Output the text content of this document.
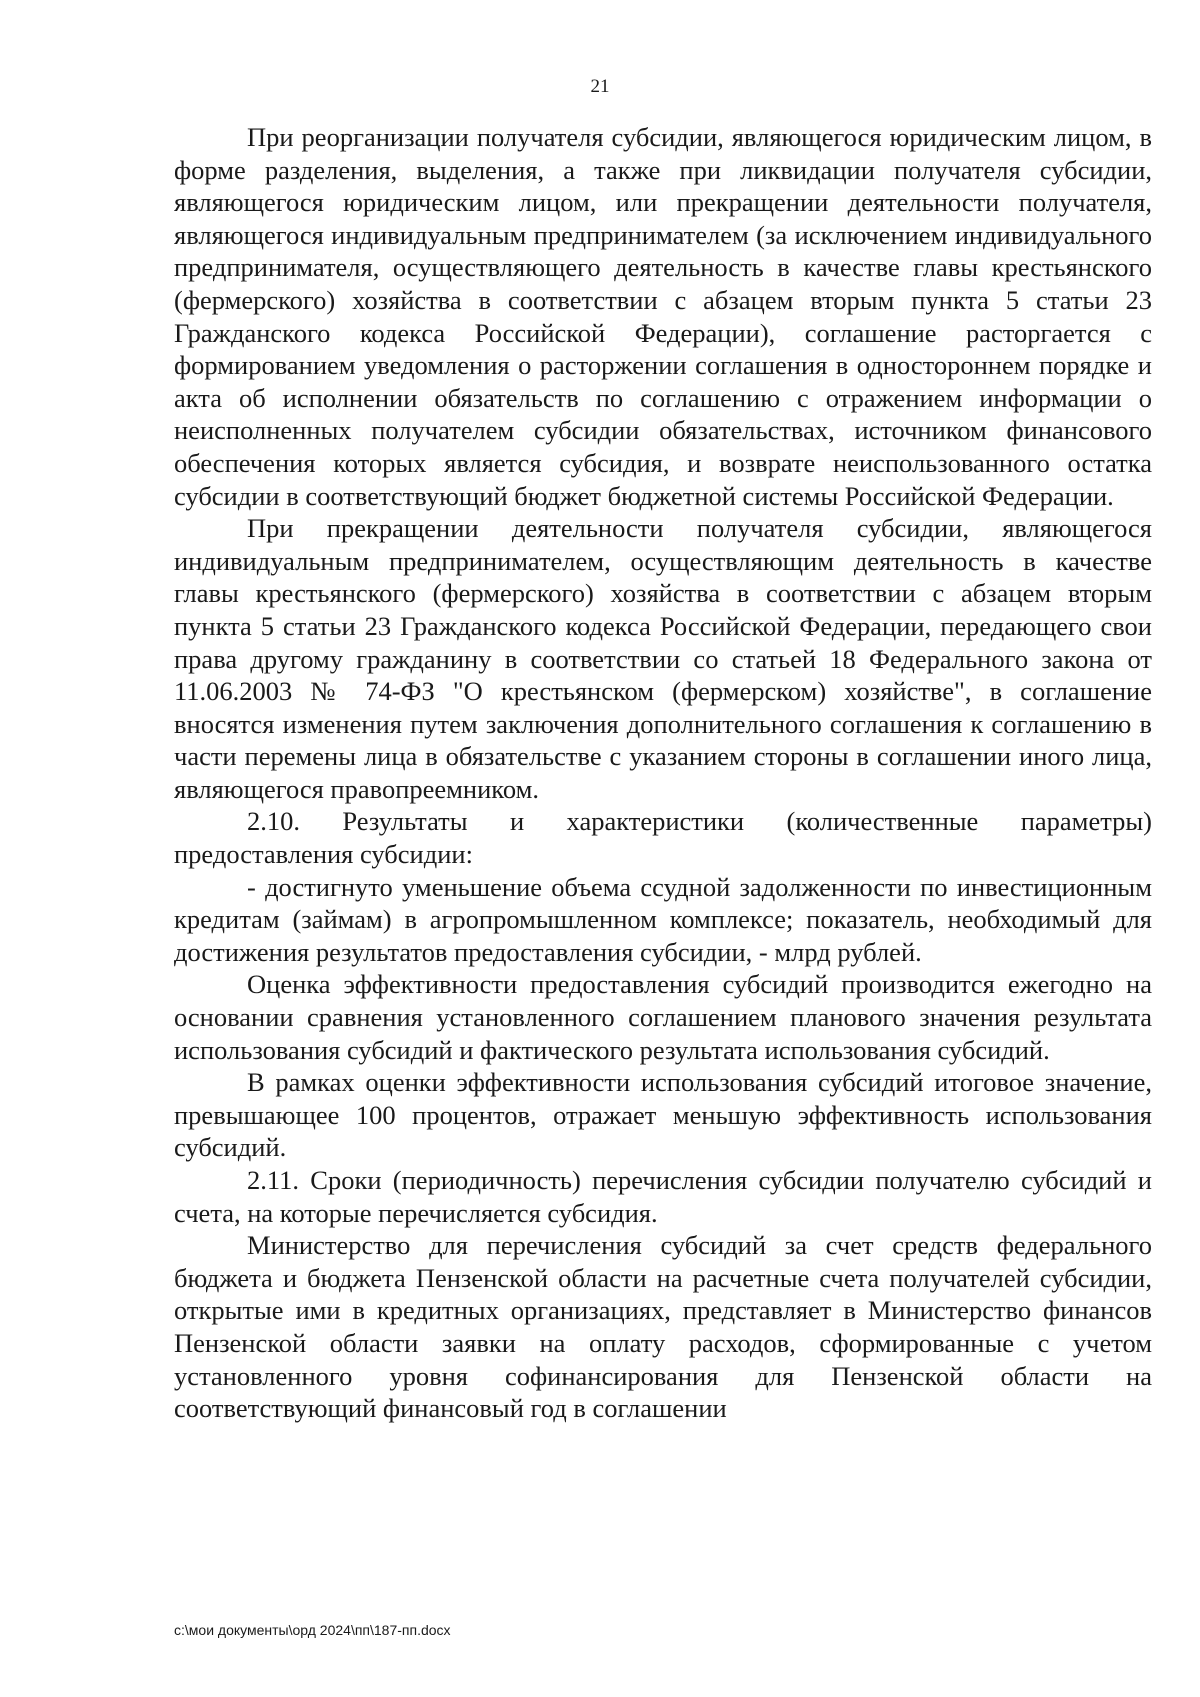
21

При реорганизации получателя субсидии, являющегося юридическим лицом, в форме разделения, выделения, а также при ликвидации получателя субсидии, являющегося юридическим лицом, или прекращении деятельности получателя, являющегося индивидуальным предпринимателем (за исключением индивидуального предпринимателя, осуществляющего деятельность в качестве главы крестьянского (фермерского) хозяйства в соответствии с абзацем вторым пункта 5 статьи 23 Гражданского кодекса Российской Федерации), соглашение расторгается с формированием уведомления о расторжении соглашения в одностороннем порядке и акта об исполнении обязательств по соглашению с отражением информации о неисполненных получателем субсидии обязательствах, источником финансового обеспечения которых является субсидия, и возврате неиспользованного остатка субсидии в соответствующий бюджет бюджетной системы Российской Федерации.

При прекращении деятельности получателя субсидии, являющегося индивидуальным предпринимателем, осуществляющим деятельность в качестве главы крестьянского (фермерского) хозяйства в соответствии с абзацем вторым пункта 5 статьи 23 Гражданского кодекса Российской Федерации, передающего свои права другому гражданину в соответствии со статьей 18 Федерального закона от 11.06.2003 № 74-ФЗ "О крестьянском (фермерском) хозяйстве", в соглашение вносятся изменения путем заключения дополнительного соглашения к соглашению в части перемены лица в обязательстве с указанием стороны в соглашении иного лица, являющегося правопреемником.

2.10. Результаты и характеристики (количественные параметры) предоставления субсидии:

- достигнуто уменьшение объема ссудной задолженности по инвестиционным кредитам (займам) в агропромышленном комплексе; показатель, необходимый для достижения результатов предоставления субсидии, - млрд рублей.

Оценка эффективности предоставления субсидий производится ежегодно на основании сравнения установленного соглашением планового значения результата использования субсидий и фактического результата использования субсидий.

В рамках оценки эффективности использования субсидий итоговое значение, превышающее 100 процентов, отражает меньшую эффективность использования субсидий.

2.11. Сроки (периодичность) перечисления субсидии получателю субсидий и счета, на которые перечисляется субсидия.

Министерство для перечисления субсидий за счет средств федерального бюджета и бюджета Пензенской области на расчетные счета получателей субсидии, открытые ими в кредитных организациях, представляет в Министерство финансов Пензенской области заявки на оплату расходов, сформированные с учетом установленного уровня софинансирования для Пензенской области на соответствующий финансовый год в соглашении

c:\мои документы\орд 2024\пп\187-пп.docx
